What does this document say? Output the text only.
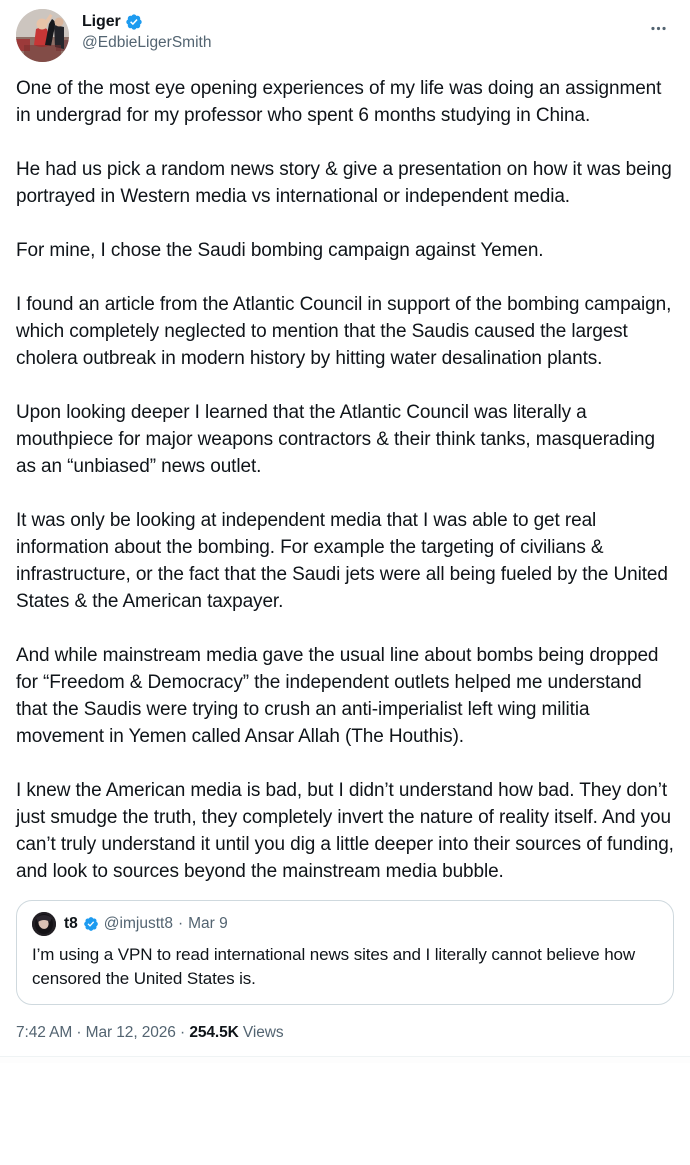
Liger
@EdbieLigerSmith

One of the most eye opening experiences of my life was doing an assignment in undergrad for my professor who spent 6 months studying in China.

He had us pick a random news story & give a presentation on how it was being portrayed in Western media vs international or independent media.

For mine, I chose the Saudi bombing campaign against Yemen.

I found an article from the Atlantic Council in support of the bombing campaign, which completely neglected to mention that the Saudis caused the largest cholera outbreak in modern history by hitting water desalination plants.

Upon looking deeper I learned that the Atlantic Council was literally a mouthpiece for major weapons contractors & their think tanks, masquerading as an “unbiased” news outlet.

It was only be looking at independent media that I was able to get real information about the bombing. For example the targeting of civilians & infrastructure, or the fact that the Saudi jets were all being fueled by the United States & the American taxpayer.

And while mainstream media gave the usual line about bombs being dropped for “Freedom & Democracy” the independent outlets helped me understand that the Saudis were trying to crush an anti-imperialist left wing militia movement in Yemen called Ansar Allah (The Houthis).

I knew the American media is bad, but I didn’t understand how bad. They don’t just smudge the truth, they completely invert the nature of reality itself. And you can’t truly understand it until you dig a little deeper into their sources of funding, and look to sources beyond the mainstream media bubble.

t8 @imjustt8 · Mar 9
I’m using a VPN to read international news sites and I literally cannot believe how censored the United States is.
7:42 AM · Mar 12, 2026 · 254.5K Views
